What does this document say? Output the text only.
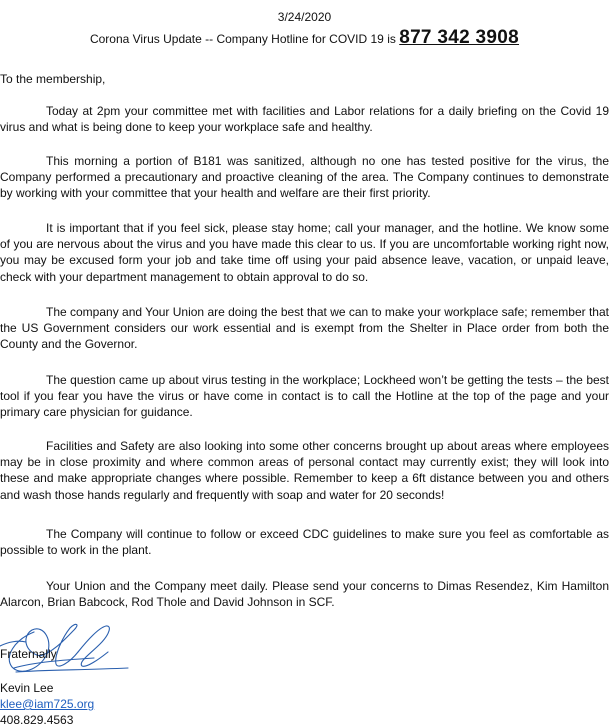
3/24/2020
Corona Virus Update -- Company Hotline for COVID 19 is 877 342 3908
To the membership,

Today at 2pm your committee met with facilities and Labor relations for a daily briefing on the Covid 19 virus and what is being done to keep your workplace safe and healthy.

This morning a portion of B181 was sanitized, although no one has tested positive for the virus, the Company performed a precautionary and proactive cleaning of the area. The Company continues to demonstrate by working with your committee that your health and welfare are their first priority.

It is important that if you feel sick, please stay home; call your manager, and the hotline. We know some of you are nervous about the virus and you have made this clear to us. If you are uncomfortable working right now, you may be excused form your job and take time off using your paid absence leave, vacation, or unpaid leave, check with your department management to obtain approval to do so.

The company and Your Union are doing the best that we can to make your workplace safe; remember that the US Government considers our work essential and is exempt from the Shelter in Place order from both the County and the Governor.

The question came up about virus testing in the workplace; Lockheed won’t be getting the tests – the best tool if you fear you have the virus or have come in contact is to call the Hotline at the top of the page and your primary care physician for guidance.

Facilities and Safety are also looking into some other concerns brought up about areas where employees may be in close proximity and where common areas of personal contact may currently exist; they will look into these and make appropriate changes where possible. Remember to keep a 6ft distance between you and others and wash those hands regularly and frequently with soap and water for 20 seconds!

The Company will continue to follow or exceed CDC guidelines to make sure you feel as comfortable as possible to work in the plant.

Your Union and the Company meet daily. Please send your concerns to Dimas Resendez, Kim Hamilton Alarcon, Brian Babcock, Rod Thole and David Johnson in SCF.

Fraternally
Kevin Lee
klee@iam725.org
408.829.4563
